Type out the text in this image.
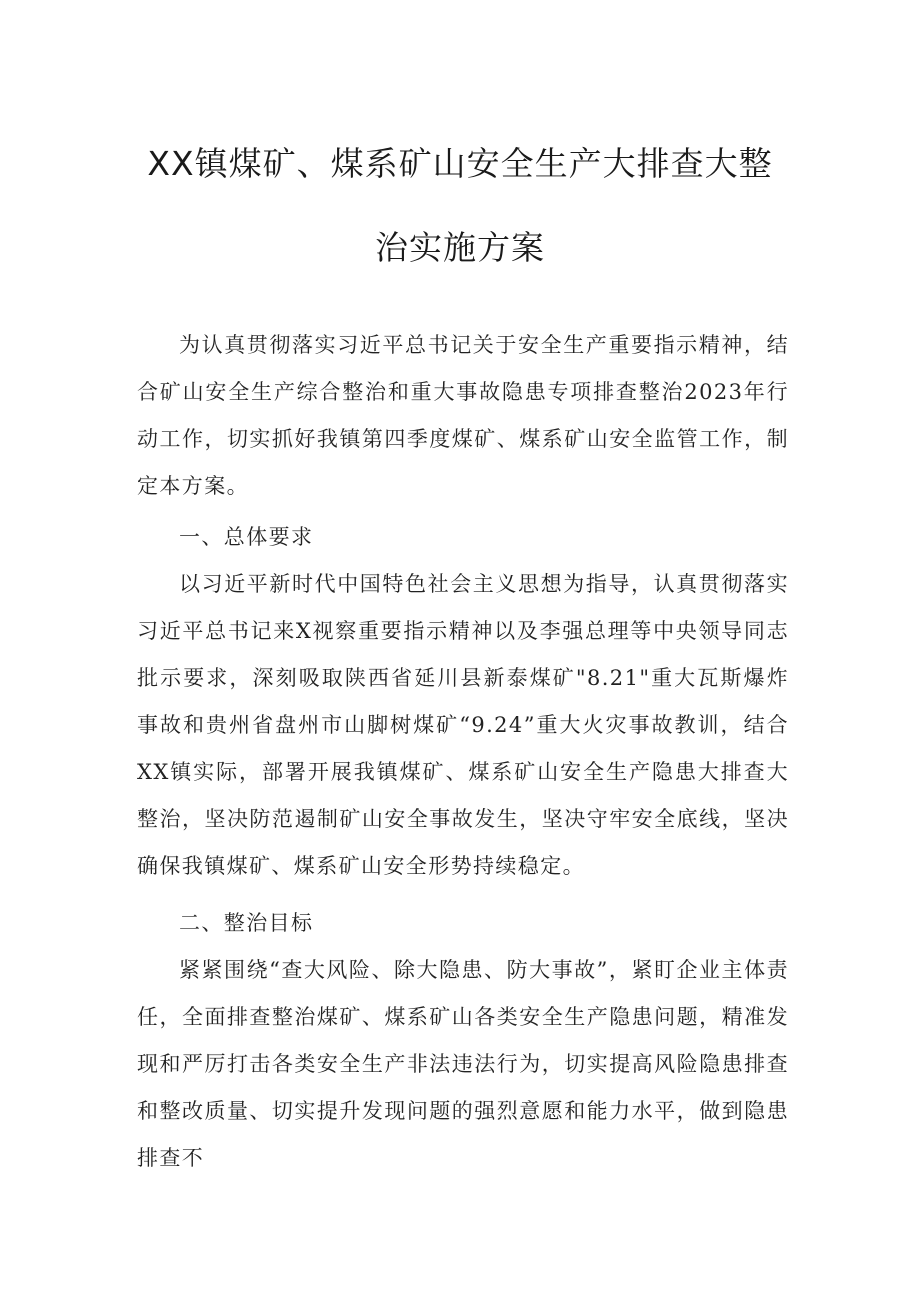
XX镇煤矿、煤系矿山安全生产大排查大整
治实施方案

为认真贯彻落实习近平总书记关于安全生产重要指示精神，结合矿山安全生产综合整治和重大事故隐患专项排查整治2023年行动工作，切实抓好我镇第四季度煤矿、煤系矿山安全监管工作，制定本方案。

一、总体要求

以习近平新时代中国特色社会主义思想为指导，认真贯彻落实习近平总书记来X视察重要指示精神以及李强总理等中央领导同志批示要求，深刻吸取陕西省延川县新泰煤矿"8.21"重大瓦斯爆炸事故和贵州省盘州市山脚树煤矿“9.24”重大火灾事故教训，结合XX镇实际，部署开展我镇煤矿、煤系矿山安全生产隐患大排查大整治，坚决防范遏制矿山安全事故发生，坚决守牢安全底线，坚决确保我镇煤矿、煤系矿山安全形势持续稳定。

二、整治目标

紧紧围绕“查大风险、除大隐患、防大事故”，紧盯企业主体责任，全面排查整治煤矿、煤系矿山各类安全生产隐患问题，精准发现和严厉打击各类安全生产非法违法行为，切实提高风险隐患排查和整改质量、切实提升发现问题的强烈意愿和能力水平，做到隐患排查不
